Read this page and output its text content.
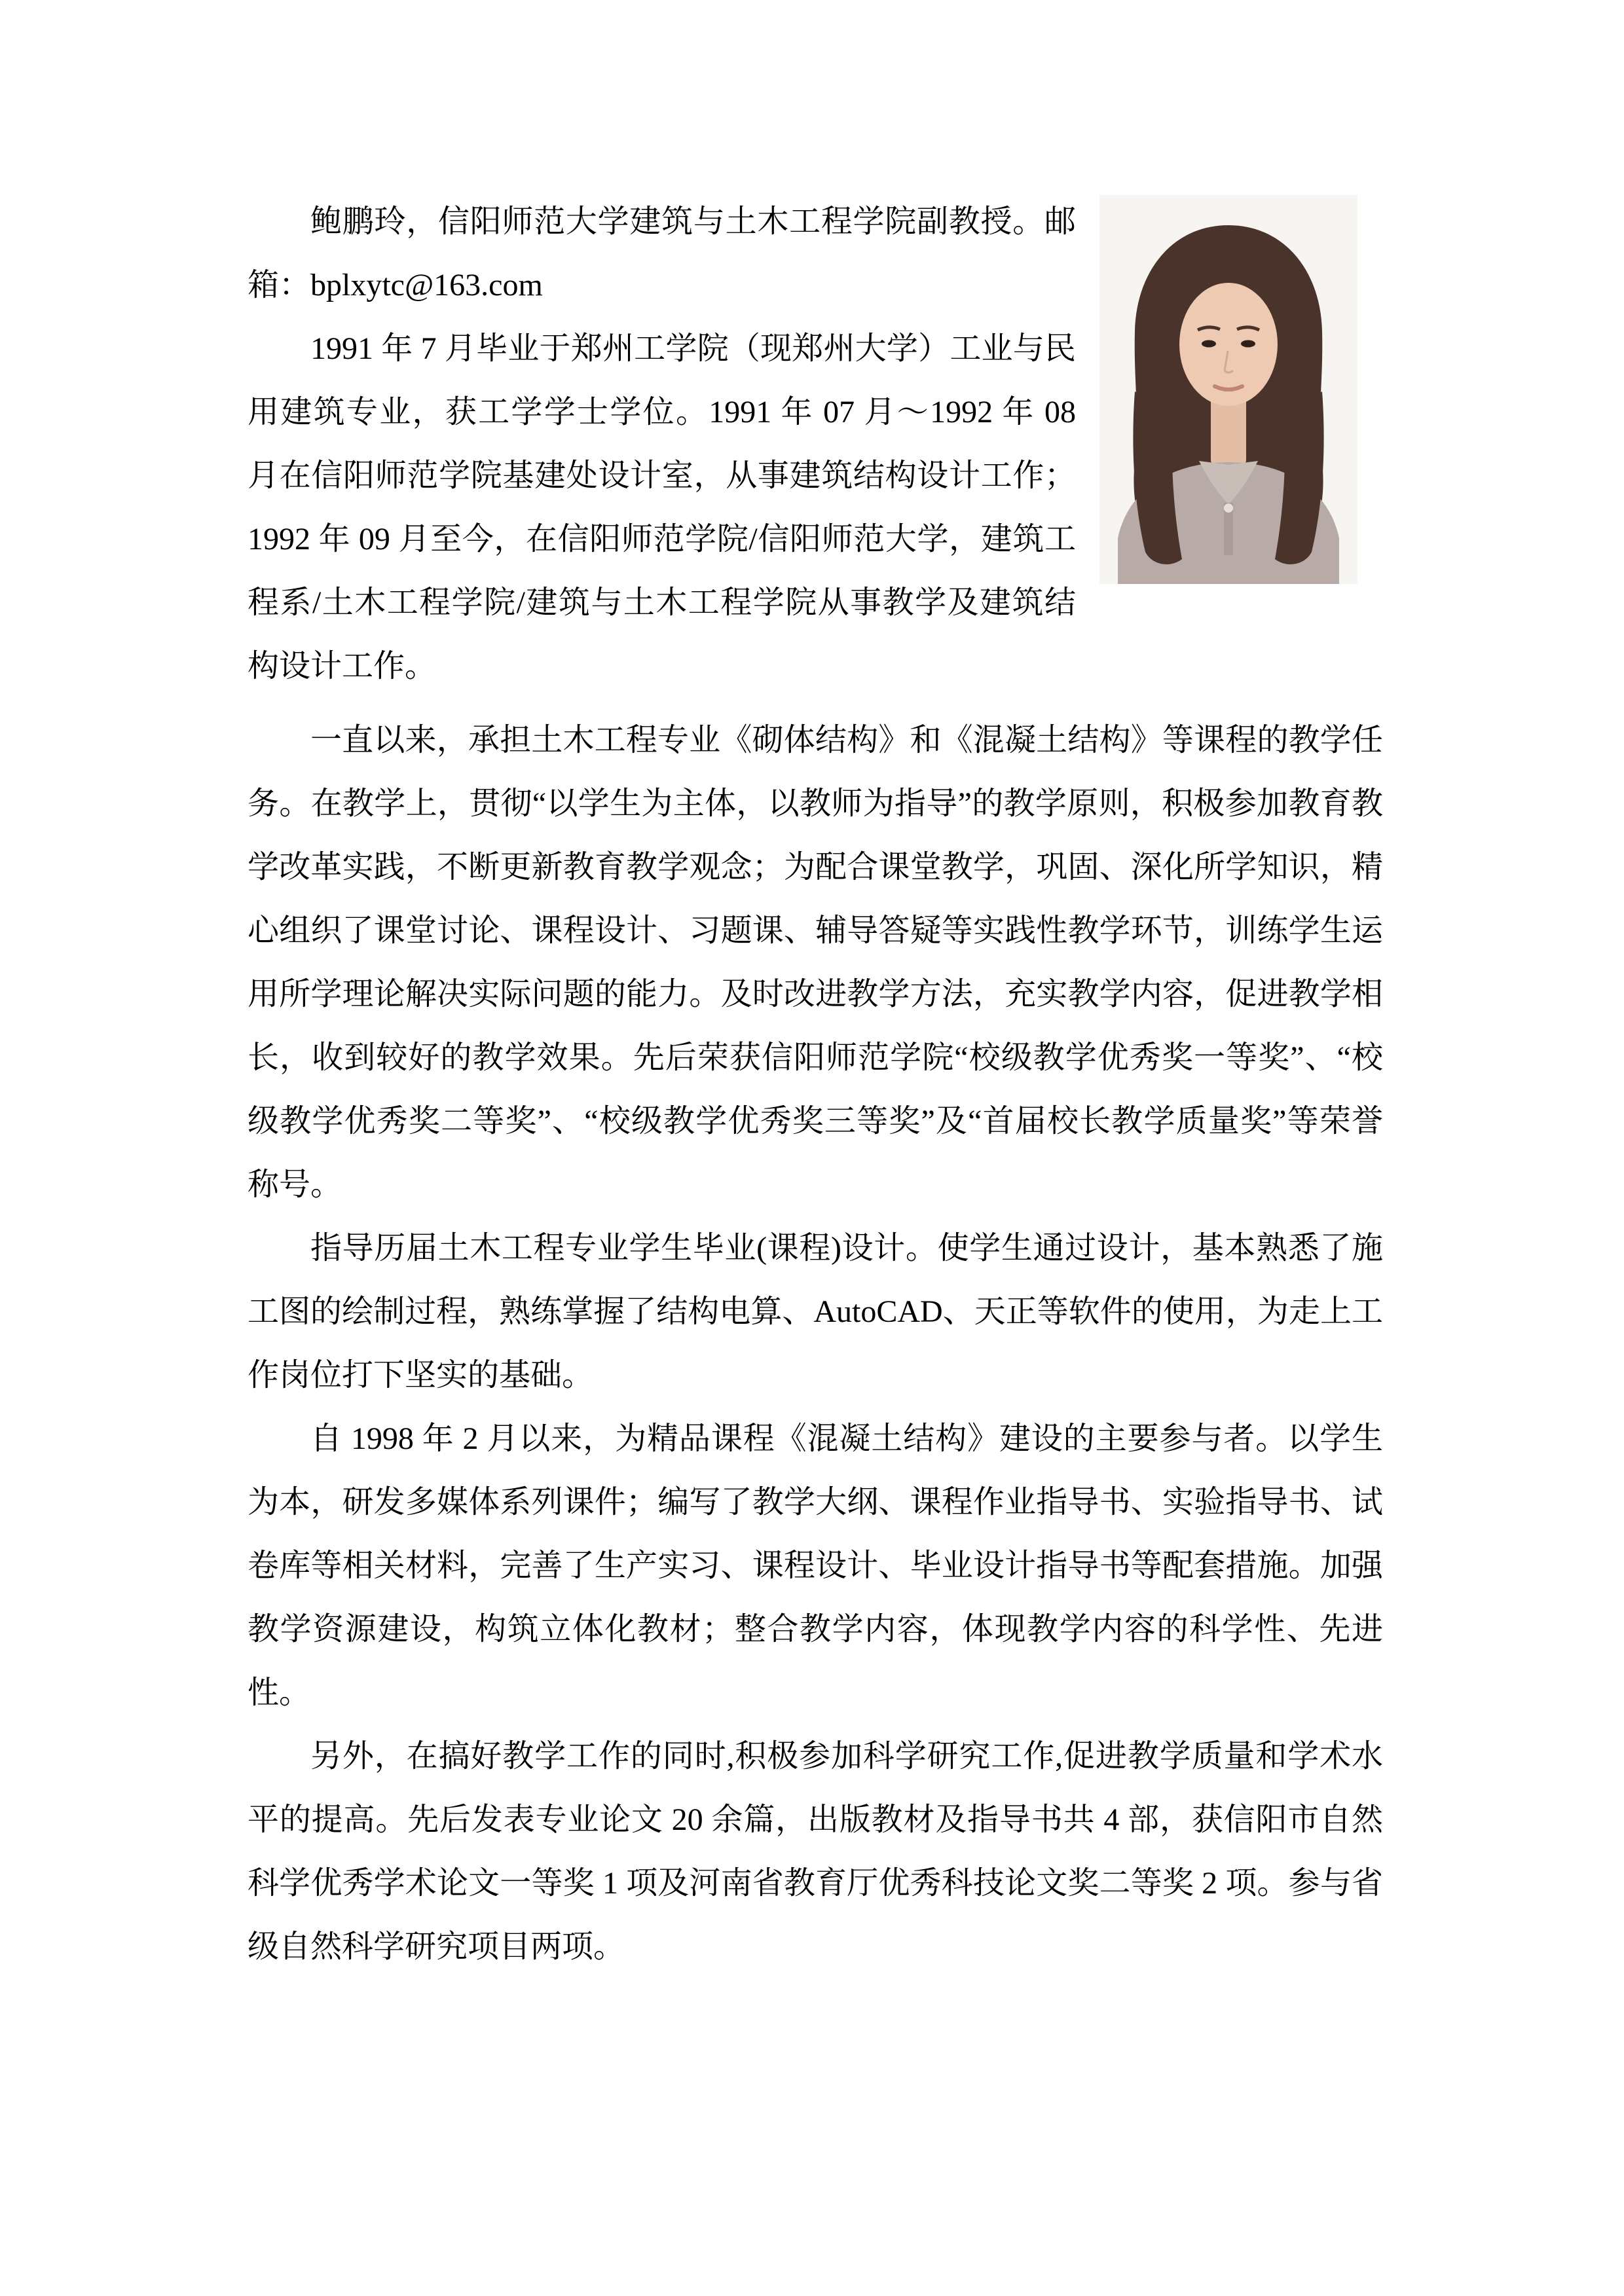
鲍鹏玲，信阳师范大学建筑与土木工程学院副教授。邮箱：bplxytc@163.com

1991 年 7 月毕业于郑州工学院（现郑州大学）工业与民用建筑专业，获工学学士学位。1991 年 07 月～1992 年 08 月在信阳师范学院基建处设计室，从事建筑结构设计工作；1992 年 09 月至今，在信阳师范学院/信阳师范大学，建筑工程系/土木工程学院/建筑与土木工程学院从事教学及建筑结构设计工作。

一直以来，承担土木工程专业《砌体结构》和《混凝土结构》等课程的教学任务。在教学上，贯彻“以学生为主体，以教师为指导”的教学原则，积极参加教育教学改革实践，不断更新教育教学观念；为配合课堂教学，巩固、深化所学知识，精心组织了课堂讨论、课程设计、习题课、辅导答疑等实践性教学环节，训练学生运用所学理论解决实际问题的能力。及时改进教学方法，充实教学内容，促进教学相长，收到较好的教学效果。先后荣获信阳师范学院“校级教学优秀奖一等奖”、“校级教学优秀奖二等奖”、“校级教学优秀奖三等奖”及“首届校长教学质量奖”等荣誉称号。

指导历届土木工程专业学生毕业(课程)设计。使学生通过设计，基本熟悉了施工图的绘制过程，熟练掌握了结构电算、AutoCAD、天正等软件的使用，为走上工作岗位打下坚实的基础。

自 1998 年 2 月以来，为精品课程《混凝土结构》建设的主要参与者。以学生为本，研发多媒体系列课件；编写了教学大纲、课程作业指导书、实验指导书、试卷库等相关材料，完善了生产实习、课程设计、毕业设计指导书等配套措施。加强教学资源建设，构筑立体化教材；整合教学内容，体现教学内容的科学性、先进性。

另外，在搞好教学工作的同时,积极参加科学研究工作,促进教学质量和学术水平的提高。先后发表专业论文 20 余篇，出版教材及指导书共 4 部，获信阳市自然科学优秀学术论文一等奖 1 项及河南省教育厅优秀科技论文奖二等奖 2 项。参与省级自然科学研究项目两项。
